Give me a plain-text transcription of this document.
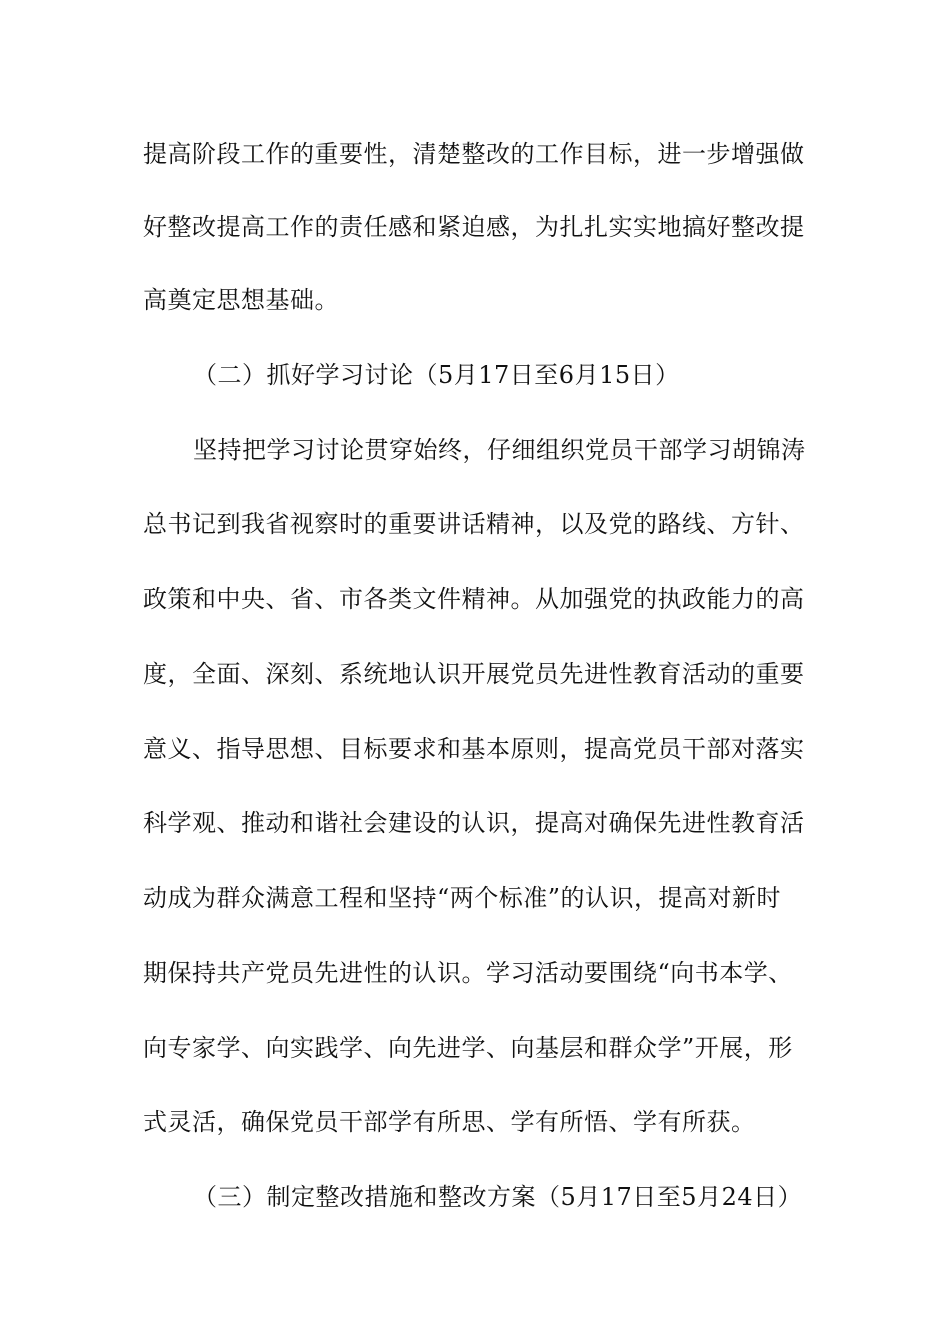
提高阶段工作的重要性，清楚整改的工作目标，进一步增强做
好整改提高工作的责任感和紧迫感，为扎扎实实地搞好整改提
高奠定思想基础。
（二）抓好学习讨论（5月17日至6月15日）
坚持把学习讨论贯穿始终，仔细组织党员干部学习胡锦涛
总书记到我省视察时的重要讲话精神，以及党的路线、方针、
政策和中央、省、市各类文件精神。从加强党的执政能力的高
度，全面、深刻、系统地认识开展党员先进性教育活动的重要
意义、指导思想、目标要求和基本原则，提高党员干部对落实
科学观、推动和谐社会建设的认识，提高对确保先进性教育活
动成为群众满意工程和坚持“两个标准”的认识，提高对新时
期保持共产党员先进性的认识。学习活动要围绕“向书本学、
向专家学、向实践学、向先进学、向基层和群众学”开展，形
式灵活，确保党员干部学有所思、学有所悟、学有所获。
（三）制定整改措施和整改方案（5月17日至5月24日）
